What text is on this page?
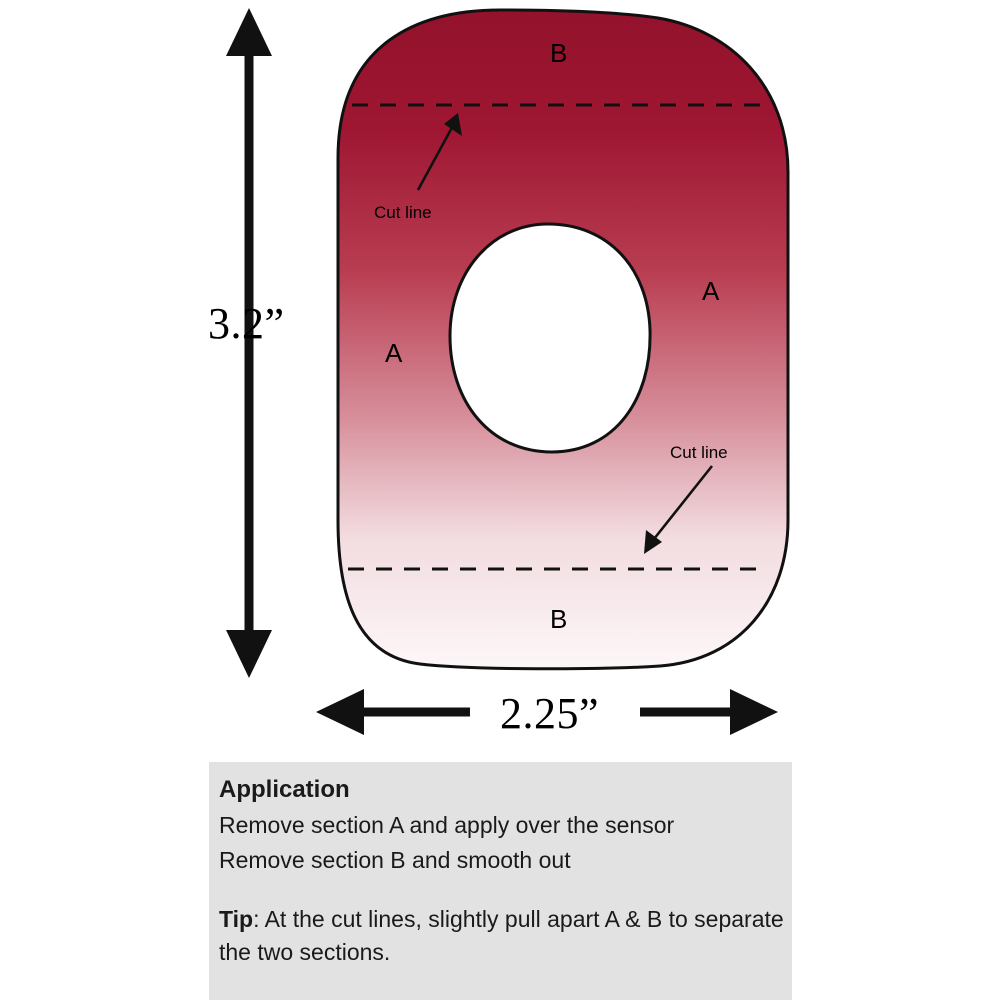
3.2”
2.25”
B
B
A
A
Cut line
Cut line
Application
Remove section A and apply over the sensor
Remove section B and smooth out
Tip: At the cut lines, slightly pull apart A & B to separate the two sections.
